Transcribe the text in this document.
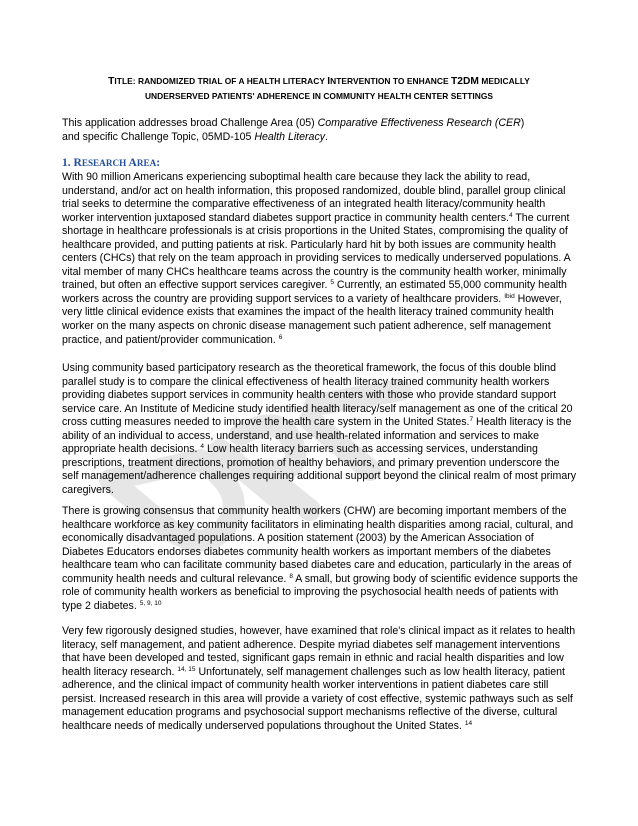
TITLE: RANDOMIZED TRIAL OF A HEALTH LITERACY INTERVENTION TO ENHANCE T2DM MEDICALLY
UNDERSERVED PATIENTS' ADHERENCE IN COMMUNITY HEALTH CENTER SETTINGS

This application addresses broad Challenge Area (05) Comparative Effectiveness Research (CER)
and specific Challenge Topic, 05MD-105 Health Literacy.

1. RESEARCH AREA:

With 90 million Americans experiencing suboptimal health care because they lack the ability to read, understand, and/or act on health information, this proposed randomized, double blind, parallel group clinical trial seeks to determine the comparative effectiveness of an integrated health literacy/community health worker intervention juxtaposed standard diabetes support practice in community health centers.$^4$ The current shortage in healthcare professionals is at crisis proportions in the United States, compromising the quality of healthcare provided, and putting patients at risk. Particularly hard hit by both issues are community health centers (CHCs) that rely on the team approach in providing services to medically underserved populations. A vital member of many CHCs healthcare teams across the country is the community health worker, minimally trained, but often an effective support services caregiver. $^5$ Currently, an estimated 55,000 community health workers across the country are providing support services to a variety of healthcare providers. $^{Ibid}$ However, very little clinical evidence exists that examines the impact of the health literacy trained community health worker on the many aspects on chronic disease management such patient adherence, self management practice, and patient/provider communication. $^6$

Using community based participatory research as the theoretical framework, the focus of this double blind parallel study is to compare the clinical effectiveness of health literacy trained community health workers providing diabetes support services in community health centers with those who provide standard support service care. An Institute of Medicine study identified health literacy/self management as one of the critical 20 cross cutting measures needed to improve the health care system in the United States.$^7$ Health literacy is the ability of an individual to access, understand, and use health-related information and services to make appropriate health decisions. $^4$ Low health literacy barriers such as accessing services, understanding prescriptions, treatment directions, promotion of healthy behaviors, and primary prevention underscore the self management/adherence challenges requiring additional support beyond the clinical realm of most primary caregivers.

There is growing consensus that community health workers (CHW) are becoming important members of the healthcare workforce as key community facilitators in eliminating health disparities among racial, cultural, and economically disadvantaged populations. A position statement (2003) by the American Association of Diabetes Educators endorses diabetes community health workers as important members of the diabetes healthcare team who can facilitate community based diabetes care and education, particularly in the areas of community health needs and cultural relevance. $^8$ A small, but growing body of scientific evidence supports the role of community health workers as beneficial to improving the psychosocial health needs of patients with type 2 diabetes. $^{5, 9, 10}$

Very few rigorously designed studies, however, have examined that role's clinical impact as it relates to health literacy, self management, and patient adherence. Despite myriad diabetes self management interventions that have been developed and tested, significant gaps remain in ethnic and racial health disparities and low health literacy research. $^{14, 15}$ Unfortunately, self management challenges such as low health literacy, patient adherence, and the clinical impact of community health worker interventions in patient diabetes care still persist. Increased research in this area will provide a variety of cost effective, systemic pathways such as self management education programs and psychosocial support mechanisms reflective of the diverse, cultural healthcare needs of medically underserved populations throughout the United States. $^{14}$
